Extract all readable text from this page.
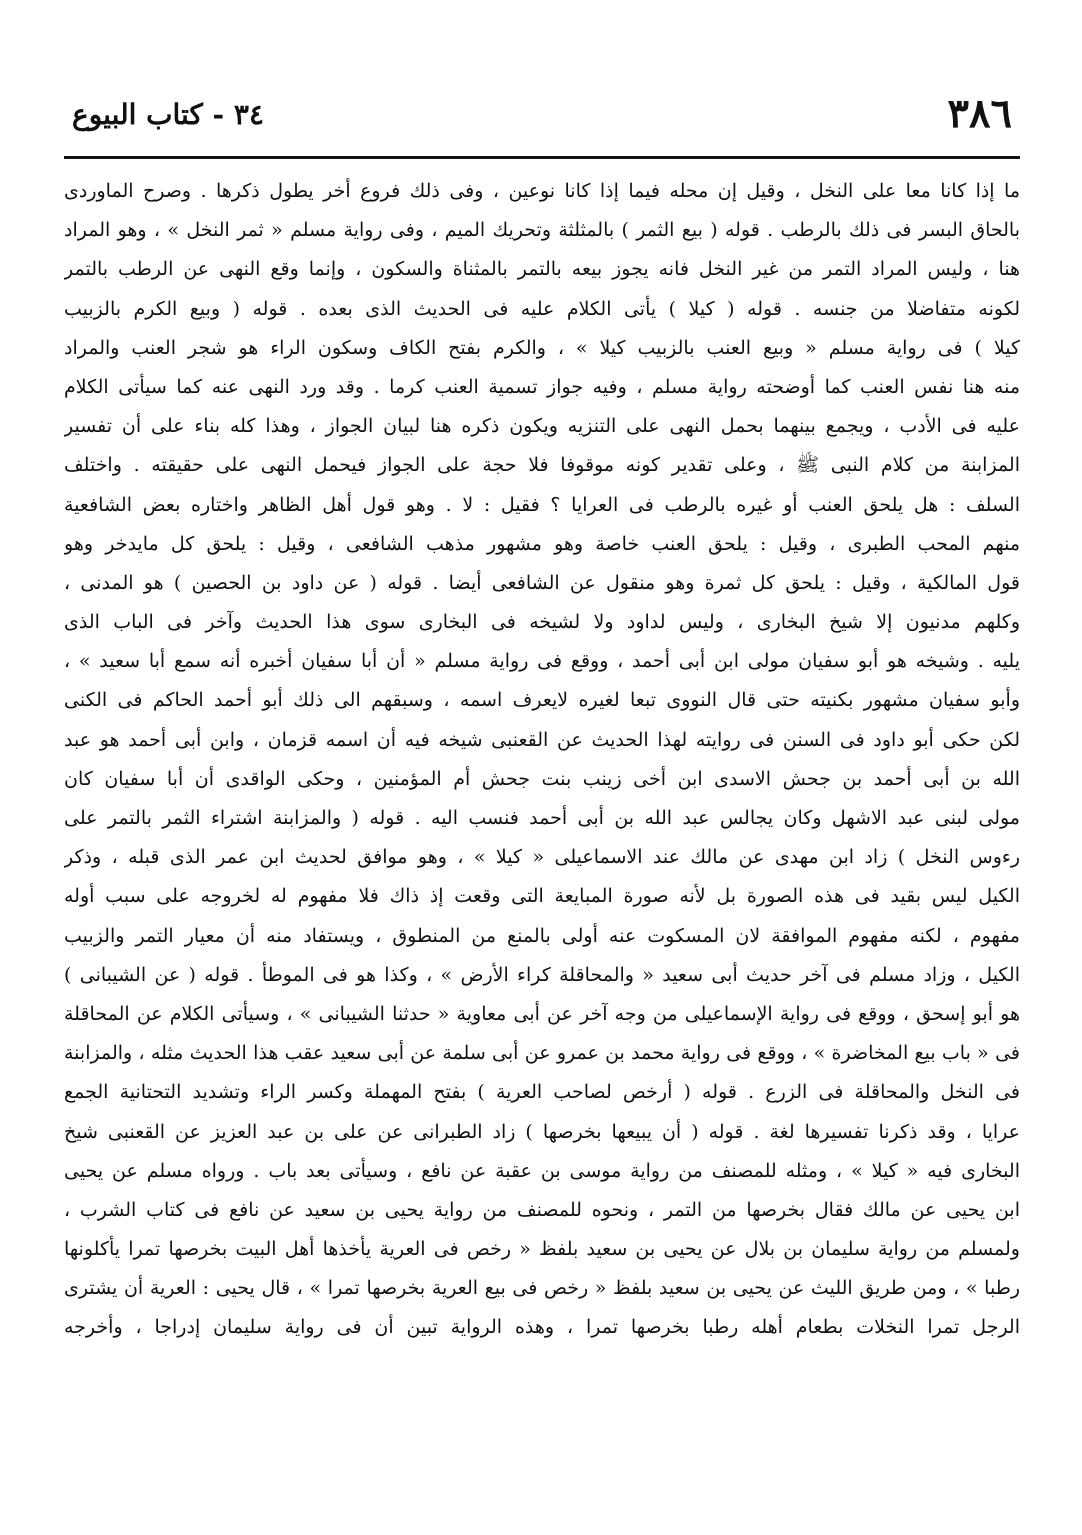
٣٨٦
٣٤ - كتاب البيوع
ما إذا كانا معا على النخل ، وقيل إن محله فيما إذا كانا نوعين ، وفى ذلك فروع أخر يطول ذكرها . وصرح الماوردى
بالحاق البسر فى ذلك بالرطب . قوله ( بيع الثمر ) بالمثلثة وتحريك الميم ، وفى رواية مسلم « ثمر النخل » ، وهو المراد
هنا ، وليس المراد التمر من غير النخل فانه يجوز بيعه بالتمر بالمثناة والسكون ، وإنما وقع النهى عن الرطب بالتمر
لكونه متفاضلا من جنسه . قوله ( كيلا ) يأتى الكلام عليه فى الحديث الذى بعده . قوله ( وبيع الكرم بالزبيب
كيلا ) فى رواية مسلم « وبيع العنب بالزبيب كيلا » ، والكرم بفتح الكاف وسكون الراء هو شجر العنب والمراد
منه هنا نفس العنب كما أوضحته رواية مسلم ، وفيه جواز تسمية العنب كرما . وقد ورد النهى عنه كما سيأتى الكلام
عليه فى الأدب ، ويجمع بينهما بحمل النهى على التنزيه ويكون ذكره هنا لبيان الجواز ، وهذا كله بناء على أن تفسير
المزابنة من كلام النبى ﷺ ، وعلى تقدير كونه موقوفا فلا حجة على الجواز فيحمل النهى على حقيقته . واختلف
السلف : هل يلحق العنب أو غيره بالرطب فى العرايا ؟ فقيل : لا . وهو قول أهل الظاهر واختاره بعض الشافعية
منهم المحب الطبرى ، وقيل : يلحق العنب خاصة وهو مشهور مذهب الشافعى ، وقيل : يلحق كل مايدخر وهو
قول المالكية ، وقيل : يلحق كل ثمرة وهو منقول عن الشافعى أيضا . قوله ( عن داود بن الحصين ) هو المدنى ،
وكلهم مدنيون إلا شيخ البخارى ، وليس لداود ولا لشيخه فى البخارى سوى هذا الحديث وآخر فى الباب الذى
يليه . وشيخه هو أبو سفيان مولى ابن أبى أحمد ، ووقع فى رواية مسلم « أن أبا سفيان أخبره أنه سمع أبا سعيد » ،
وأبو سفيان مشهور بكنيته حتى قال النووى تبعا لغيره لايعرف اسمه ، وسبقهم الى ذلك أبو أحمد الحاكم فى الكنى
لكن حكى أبو داود فى السنن فى روايته لهذا الحديث عن القعنبى شيخه فيه أن اسمه قزمان ، وابن أبى أحمد هو عبد
الله بن أبى أحمد بن جحش الاسدى ابن أخى زينب بنت جحش أم المؤمنين ، وحكى الواقدى أن أبا سفيان كان
مولى لبنى عبد الاشهل وكان يجالس عبد الله بن أبى أحمد فنسب اليه . قوله ( والمزابنة اشتراء الثمر بالتمر على
رءوس النخل ) زاد ابن مهدى عن مالك عند الاسماعيلى « كيلا » ، وهو موافق لحديث ابن عمر الذى قبله ، وذكر
الكيل ليس بقيد فى هذه الصورة بل لأنه صورة المبايعة التى وقعت إذ ذاك فلا مفهوم له لخروجه على سبب أوله
مفهوم ، لكنه مفهوم الموافقة لان المسكوت عنه أولى بالمنع من المنطوق ، ويستفاد منه أن معيار التمر والزبيب
الكيل ، وزاد مسلم فى آخر حديث أبى سعيد « والمحاقلة كراء الأرض » ، وكذا هو فى الموطأ . قوله ( عن الشيبانى )
هو أبو إسحق ، ووقع فى رواية الإسماعيلى من وجه آخر عن أبى معاوية « حدثنا الشيبانى » ، وسيأتى الكلام عن المحاقلة
فى « باب بيع المخاضرة » ، ووقع فى رواية محمد بن عمرو عن أبى سلمة عن أبى سعيد عقب هذا الحديث مثله ، والمزابنة
فى النخل والمحاقلة فى الزرع . قوله ( أرخص لصاحب العرية ) بفتح المهملة وكسر الراء وتشديد التحتانية الجمع
عرايا ، وقد ذكرنا تفسيرها لغة . قوله ( أن يبيعها بخرصها ) زاد الطبرانى عن على بن عبد العزيز عن القعنبى شيخ
البخارى فيه « كيلا » ، ومثله للمصنف من رواية موسى بن عقبة عن نافع ، وسيأتى بعد باب . ورواه مسلم عن يحيى
ابن يحيى عن مالك فقال بخرصها من التمر ، ونحوه للمصنف من رواية يحيى بن سعيد عن نافع فى كتاب الشرب ،
ولمسلم من رواية سليمان بن بلال عن يحيى بن سعيد بلفظ « رخص فى العرية يأخذها أهل البيت بخرصها تمرا يأكلونها
رطبا » ، ومن طريق الليث عن يحيى بن سعيد بلفظ « رخص فى بيع العرية بخرصها تمرا » ، قال يحيى : العرية أن يشترى
الرجل تمرا النخلات بطعام أهله رطبا بخرصها تمرا ، وهذه الرواية تبين أن فى رواية سليمان إدراجا ، وأخرجه
